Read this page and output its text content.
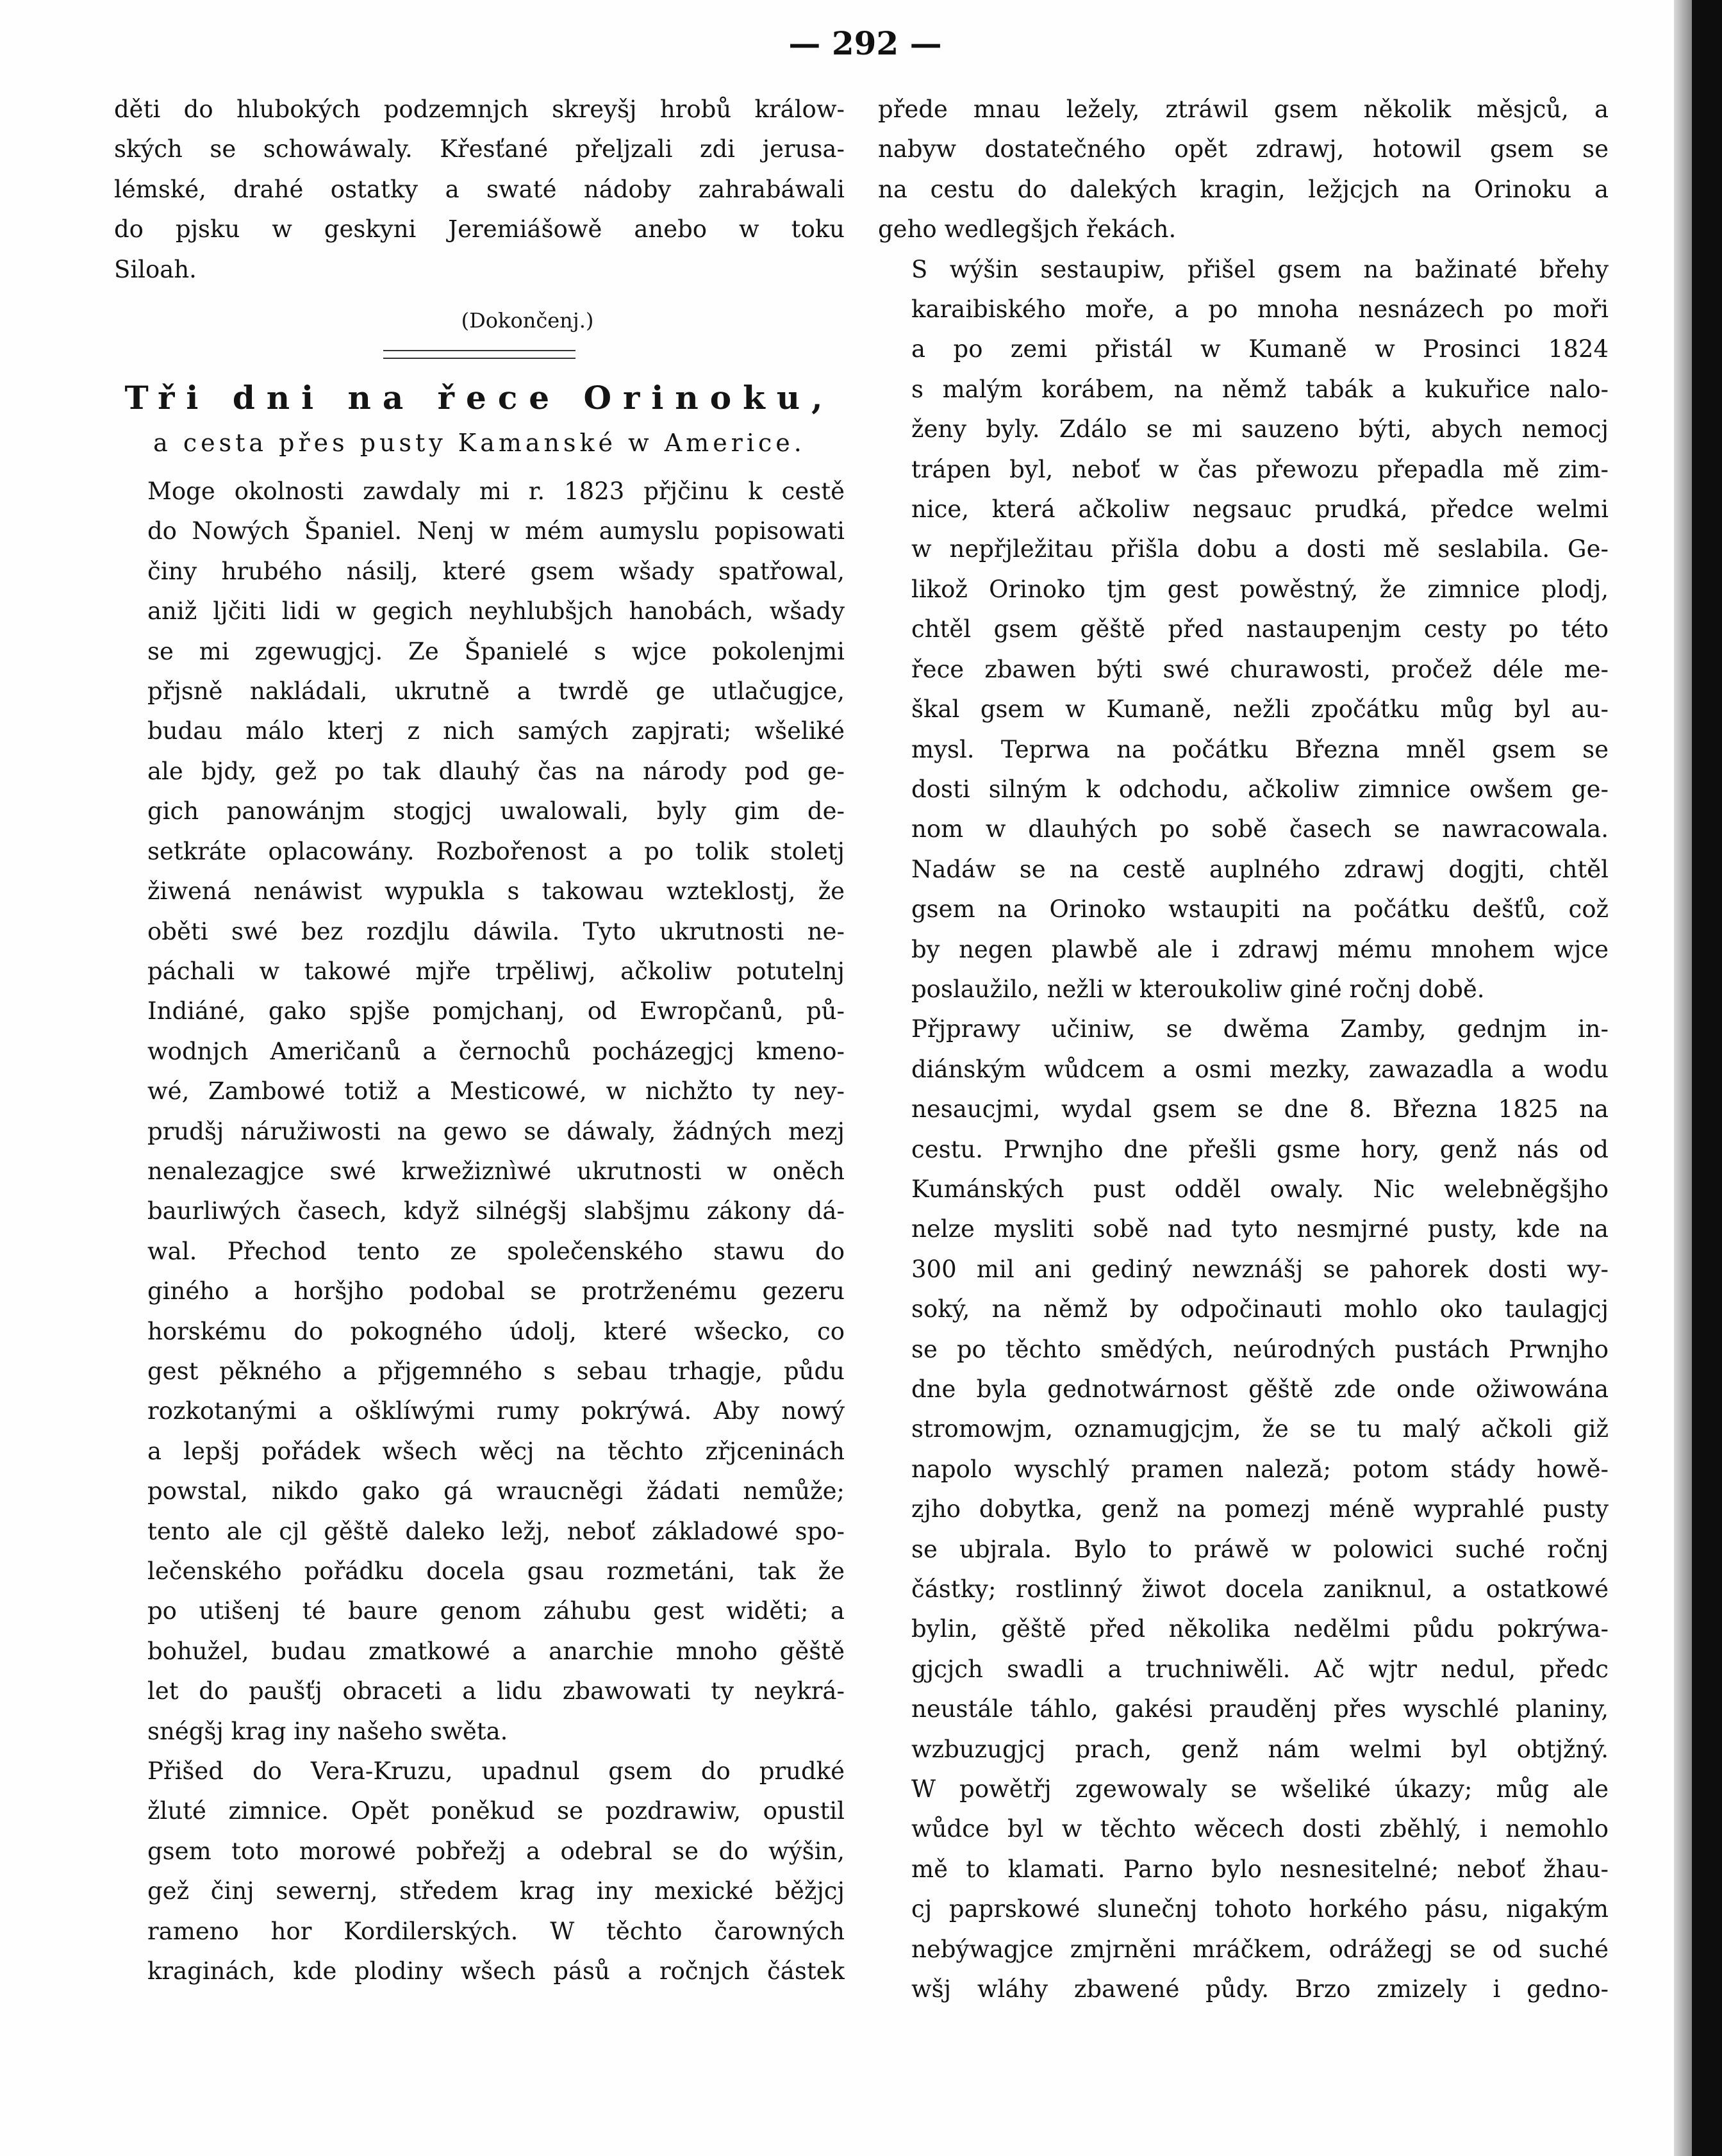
— 292 —

děti do hlubokých podzemnjch skreyšj hrobů králow-
ských se schowáwaly. Křesťané přeljzali zdi jerusa-
lémské, drahé ostatky a swaté nádoby zahrabáwali
do pjsku w geskyni Jeremiášowě anebo w toku
Siloah.

(Dokončenj.)
Tři dni na řece Orinoku,
a cesta přes pusty Kamanské w Americe.

Moge okolnosti zawdaly mi r. 1823 přjčinu k cestě
do Nowých Španiel. Nenj w mém aumyslu popisowati
činy hrubého násilj, které gsem wšady spatřowal,
aniž ljčiti lidi w gegich neyhlubšjch hanobách, wšady
se mi zgewugjcj. Ze Španielé s wjce pokolenjmi
přjsně nakládali, ukrutně a twrdě ge utlačugjce,
budau málo kterj z nich samých zapjrati; wšeliké
ale bjdy, gež po tak dlauhý čas na národy pod ge-
gich panowánjm stogjcj uwalowali, byly gim de-
setkráte oplacowány. Rozbořenost a po tolik stoletj
žiwená nenáwist wypukla s takowau wzteklostj, že
oběti swé bez rozdjlu dáwila. Tyto ukrutnosti ne-
páchali w takowé mjře trpěliwj, ačkoliw potutelnj
Indiáné, gako spjše pomjchanj, od Ewropčanů, pů-
wodnjch Američanů a černochů pocházegjcj kmeno-
wé, Zambowé totiž a Mesticowé, w nichžto ty ney-
prudšj náružiwosti na gewo se dáwaly, žádných mezj
nenalezagjce swé krwežiznìwé ukrutnosti w oněch
baurliwých časech, když silnégšj slabšjmu zákony dá-
wal. Přechod tento ze společenského stawu do
giného a horšjho podobal se protrženému gezeru
horskému do pokogného údolj, které wšecko, co
gest pěkného a přjgemného s sebau trhagje, půdu
rozkotanými a ošklíwými rumy pokrýwá. Aby nowý
a lepšj pořádek wšech wěcj na těchto zřjceninách
powstal, nikdo gako gá wraucněgi žádati nemůže;
tento ale cjl gěště daleko ležj, neboť základowé spo-
lečenského pořádku docela gsau rozmetáni, tak že
po utišenj té baure genom záhubu gest widěti; a
bohužel, budau zmatkowé a anarchie mnoho gěště
let do paušťj obraceti a lidu zbawowati ty neykrá-
snégšj krag iny našeho swěta.

Přišed do Vera-Kruzu, upadnul gsem do prudké
žluté zimnice. Opět poněkud se pozdrawiw, opustil
gsem toto morowé pobřežj a odebral se do wýšin,
gež činj sewernj, středem krag iny mexické běžjcj
rameno hor Kordilerských. W těchto čarowných
kraginách, kde plodiny wšech pásů a ročnjch částek

přede mnau ležely, ztráwil gsem několik měsjců, a
nabyw dostatečného opět zdrawj, hotowil gsem se
na cestu do dalekých kragin, ležjcjch na Orinoku a
geho wedlegšjch řekách.

S wýšin sestaupiw, přišel gsem na bažinaté břehy
karaibiského moře, a po mnoha nesnázech po moři
a po zemi přistál w Kumaně w Prosinci 1824
s malým korábem, na němž tabák a kukuřice nalo-
ženy byly. Zdálo se mi sauzeno býti, abych nemocj
trápen byl, neboť w čas přewozu přepadla mě zim-
nice, která ačkoliw negsauc prudká, předce welmi
w nepřjležitau přišla dobu a dosti mě seslabila. Ge-
likož Orinoko tjm gest powěstný, že zimnice plodj,
chtěl gsem gěště před nastaupenjm cesty po této
řece zbawen býti swé churawosti, pročež déle me-
škal gsem w Kumaně, nežli zpočátku můg byl au-
mysl. Teprwa na počátku Března mněl gsem se
dosti silným k odchodu, ačkoliw zimnice owšem ge-
nom w dlauhých po sobě časech se nawracowala.
Nadáw se na cestě auplného zdrawj dogjti, chtěl
gsem na Orinoko wstaupiti na počátku dešťů, což
by negen plawbě ale i zdrawj mému mnohem wjce
poslaužilo, nežli w kteroukoliw giné ročnj době.

Přjprawy učiniw, se dwěma Zamby, gednjm in-
diánským wůdcem a osmi mezky, zawazadla a wodu
nesaucjmi, wydal gsem se dne 8. Března 1825 na
cestu. Prwnjho dne přešli gsme hory, genž nás od
Kumánských pust odděl owaly. Nic welebněgšjho
nelze mysliti sobě nad tyto nesmjrné pusty, kde na
300 mil ani gediný newznášj se pahorek dosti wy-
soký, na němž by odpočinauti mohlo oko taulagjcj
se po těchto smědých, neúrodných pustách Prwnjho
dne byla gednotwárnost gěště zde onde ožiwowána
stromowjm, oznamugjcjm, že se tu malý ačkoli giž
napolo wyschlý pramen naleză; potom stády howě-
zjho dobytka, genž na pomezj méně wyprahlé pusty
se ubjrala. Bylo to práwě w polowici suché ročnj
částky; rostlinný žiwot docela zaniknul, a ostatkowé
bylin, gěště před několika nedělmi půdu pokrýwa-
gjcjch swadli a truchniwěli. Ač wjtr nedul, předc
neustále táhlo, gakési prauděnj přes wyschlé planiny,
wzbuzugjcj prach, genž nám welmi byl obtjžný.
W powětřj zgewowaly se wšeliké úkazy; můg ale
wůdce byl w těchto wěcech dosti zběhlý, i nemohlo
mě to klamati. Parno bylo nesnesitelné; neboť žhau-
cj paprskowé slunečnj tohoto horkého pásu, nigakým
nebýwagjce zmjrněni mráčkem, odrážegj se od suché
wšj wláhy zbawené půdy. Brzo zmizely i gedno-
